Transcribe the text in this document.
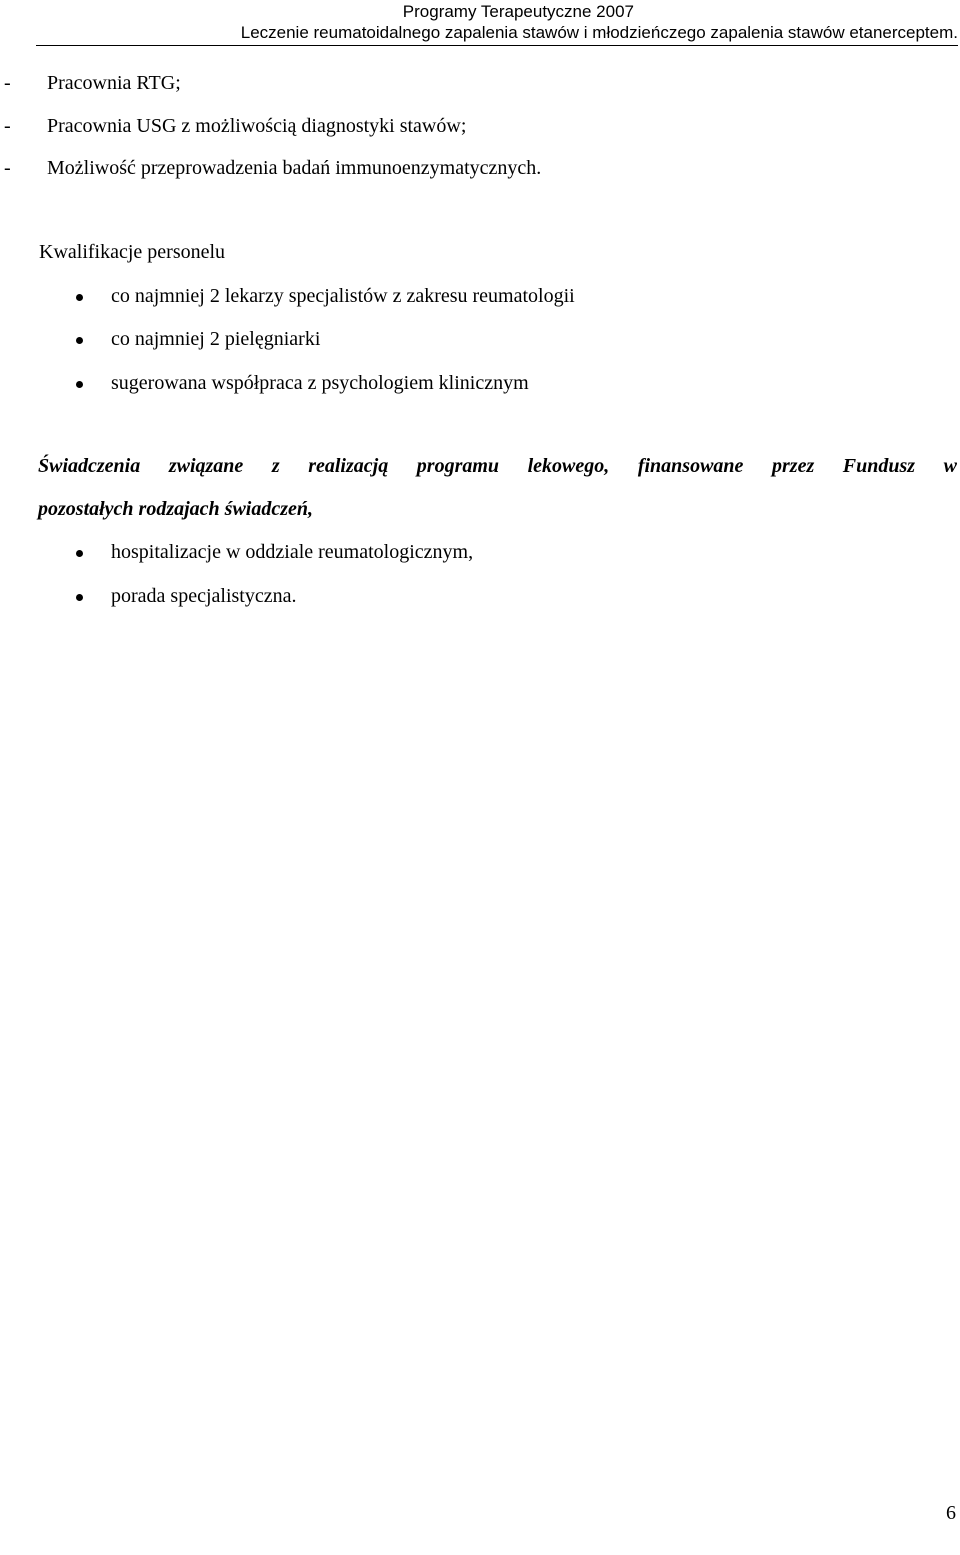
Programy Terapeutyczne 2007
Leczenie reumatoidalnego zapalenia stawów i młodzieńczego zapalenia stawów etanerceptem.
- Pracownia RTG;
- Pracownia USG z możliwością diagnostyki stawów;
- Możliwość przeprowadzenia badań immunoenzymatycznych.
Kwalifikacje personelu
co najmniej 2 lekarzy specjalistów z zakresu reumatologii
co najmniej 2 pielęgniarki
sugerowana współpraca z psychologiem klinicznym
Świadczenia związane z realizacją programu lekowego, finansowane przez Fundusz w
pozostałych rodzajach świadczeń,
hospitalizacje w oddziale reumatologicznym,
porada specjalistyczna.
6
